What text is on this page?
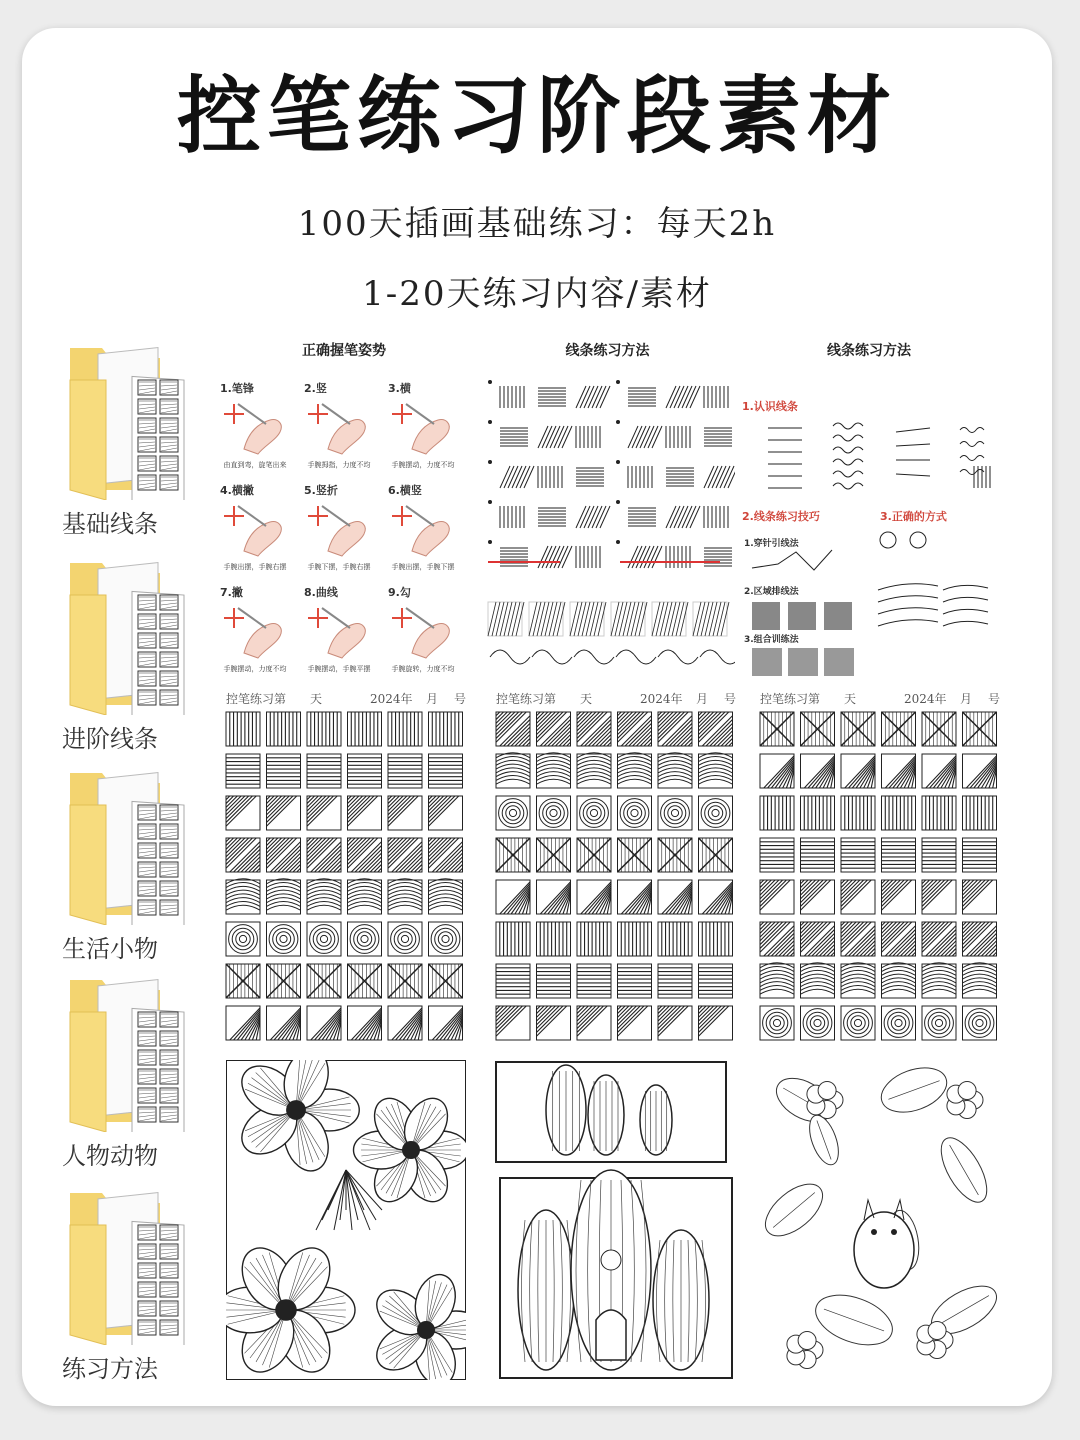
控笔练习阶段素材
100天插画基础练习：每天2h
1-20天练习内容/素材
基础线条
进阶线条
生活小物
人物动物
练习方法
正确握笔姿势
1.笔锋
由直到弯，旋笔出来
2.竖
手腕拇指，力度不均
3.横
手腕摆动，力度不均
4.横撇
手腕出摆，手腕右摆
5.竖折
手腕下摆，手腕右摆
6.横竖
手腕出摆，手腕下摆
7.撇
手腕摆动，力度不均
8.曲线
手腕摆动，手腕平摆
9.勾
手腕旋转，力度不均
线条练习方法	线条练习方法
1.认识线条
2.线条练习技巧	3.正确的方式
1.穿针引线法
2.区域排线法
3.组合训练法
控笔练习第 天	2024年 月 号 控笔练习第 天	2024年 月 号 控笔练习第 天	2024年 月 号
